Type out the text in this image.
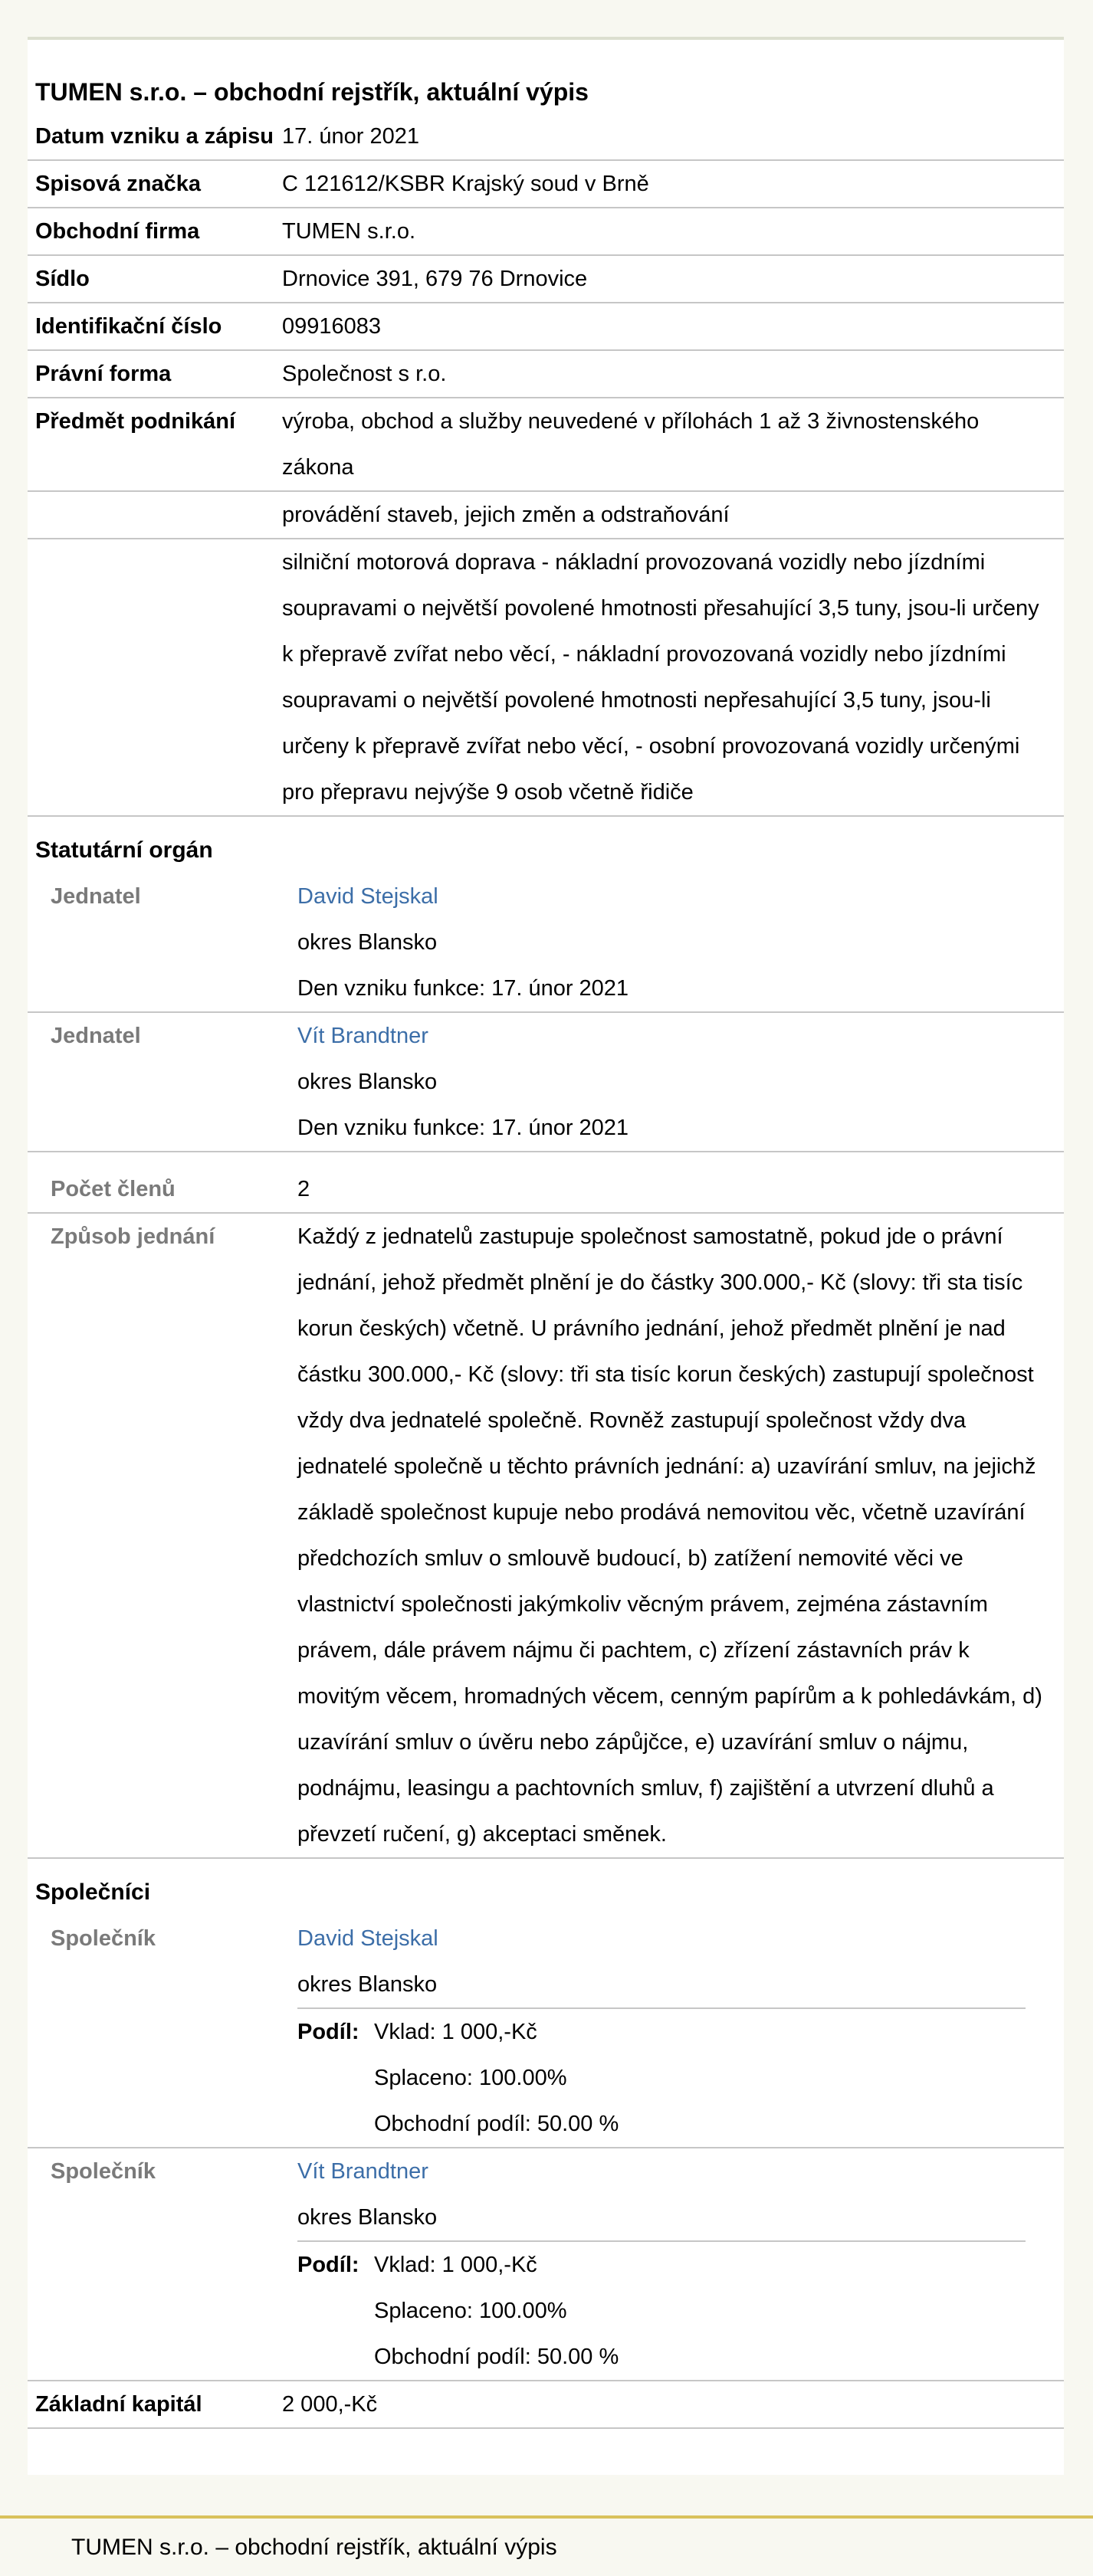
TUMEN s.r.o. – obchodní rejstřík, aktuální výpis
Datum vzniku a zápisu 17. únor 2021
Spisová značka	C 121612/KSBR Krajský soud v Brně
Obchodní firma	TUMEN s.r.o.
Sídlo	Drnovice 391, 679 76 Drnovice
Identifikační číslo	09916083
Právní forma	Společnost s r.o.
Předmět podnikání	výroba, obchod a služby neuvedené v přílohách 1 až 3 živnostenského zákona
provádění staveb, jejich změn a odstraňování
silniční motorová doprava - nákladní provozovaná vozidly nebo jízdními soupravami o největší povolené hmotnosti přesahující 3,5 tuny, jsou-li určeny k přepravě zvířat nebo věcí, - nákladní provozovaná vozidly nebo jízdními soupravami o největší povolené hmotnosti nepřesahující 3,5 tuny, jsou-li určeny k přepravě zvířat nebo věcí, - osobní provozovaná vozidly určenými pro přepravu nejvýše 9 osob včetně řidiče
Statutární orgán
Jednatel	David Stejskal
okres Blansko
Den vzniku funkce: 17. únor 2021
Jednatel	Vít Brandtner
okres Blansko
Den vzniku funkce: 17. únor 2021
Počet členů	2
Způsob jednání	Každý z jednatelů zastupuje společnost samostatně, pokud jde o právní jednání, jehož předmět plnění je do částky 300.000,- Kč (slovy: tři sta tisíc korun českých) včetně. U právního jednání, jehož předmět plnění je nad částku 300.000,- Kč (slovy: tři sta tisíc korun českých) zastupují společnost vždy dva jednatelé společně. Rovněž zastupují společnost vždy dva jednatelé společně u těchto právních jednání: a) uzavírání smluv, na jejichž základě společnost kupuje nebo prodává nemovitou věc, včetně uzavírání předchozích smluv o smlouvě budoucí, b) zatížení nemovité věci ve vlastnictví společnosti jakýmkoliv věcným právem, zejména zástavním právem, dále právem nájmu či pachtem, c) zřízení zástavních práv k movitým věcem, hromadných věcem, cenným papírům a k pohledávkám, d) uzavírání smluv o úvěru nebo zápůjčce, e) uzavírání smluv o nájmu, podnájmu, leasingu a pachtovních smluv, f) zajištění a utvrzení dluhů a převzetí ručení, g) akceptaci směnek.
Společníci
Společník	David Stejskal
okres Blansko
Podíl: Vklad: 1 000,-Kč
Splaceno: 100.00%
Obchodní podíl: 50.00 %
Společník	Vít Brandtner
okres Blansko
Podíl: Vklad: 1 000,-Kč
Splaceno: 100.00%
Obchodní podíl: 50.00 %
Základní kapitál	2 000,-Kč
TUMEN s.r.o. – obchodní rejstřík, aktuální výpis
